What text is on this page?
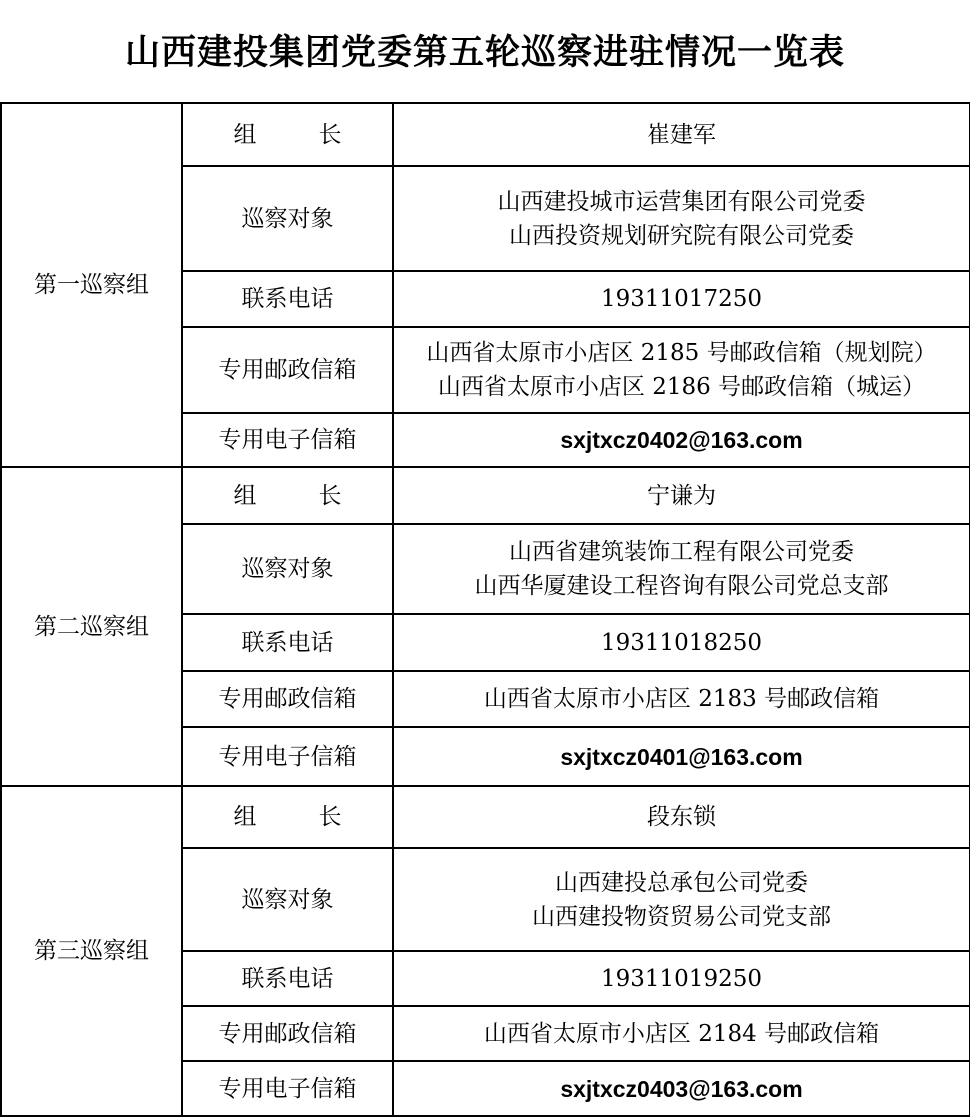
山西建投集团党委第五轮巡察进驻情况一览表
第一巡察组	组 长	崔建军
	巡察对象	山西建投城市运营集团有限公司党委
山西投资规划研究院有限公司党委

	联系电话	19311017250
	专用邮政信箱	山西省太原市小店区 2185 号邮政信箱（规划院）
山西省太原市小店区 2186 号邮政信箱（城运）

	专用电子信箱	sxjtxcz0402@163.com
第二巡察组	组 长	宁谦为
	巡察对象	山西省建筑装饰工程有限公司党委
山西华厦建设工程咨询有限公司党总支部

	联系电话	19311018250
	专用邮政信箱	山西省太原市小店区 2183 号邮政信箱

	专用电子信箱	sxjtxcz0401@163.com
第三巡察组	组 长	段东锁
	巡察对象	山西建投总承包公司党委
山西建投物资贸易公司党支部

	联系电话	19311019250
	专用邮政信箱	山西省太原市小店区 2184 号邮政信箱

	专用电子信箱	sxjtxcz0403@163.com
